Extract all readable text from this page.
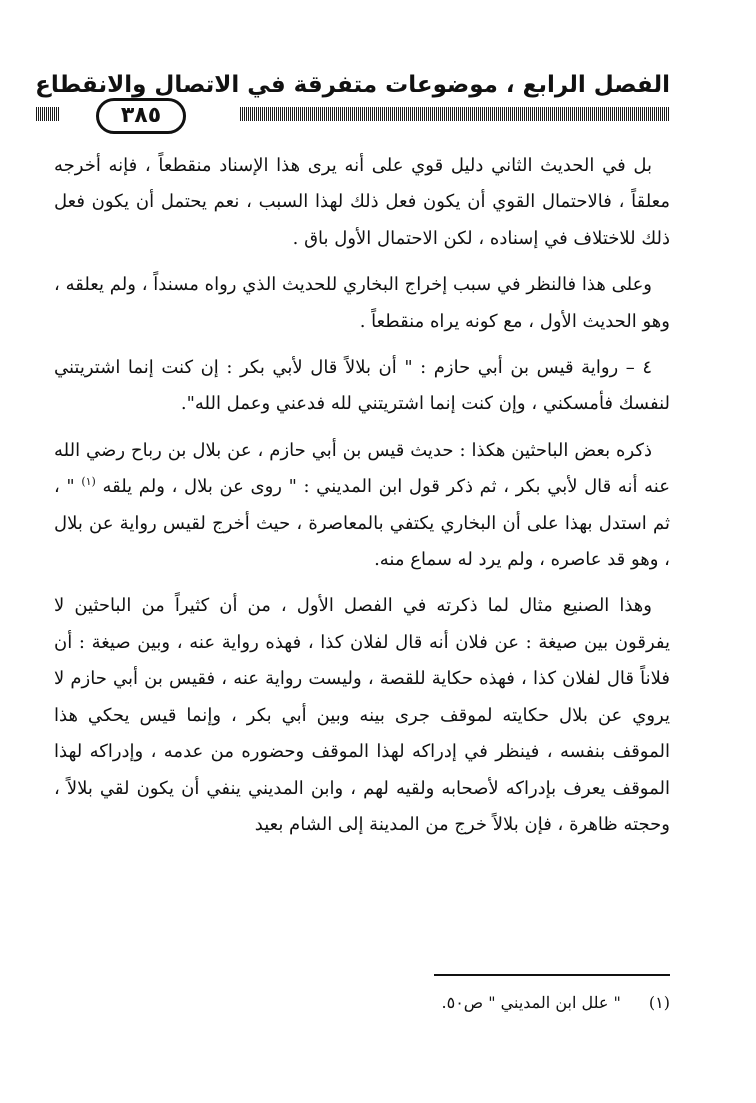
الفصل الرابع ، موضوعات متفرقة في الاتصال والانقطاع
٣٨٥

بل في الحديث الثاني دليل قوي على أنه يرى هذا الإسناد منقطعاً ، فإنه أخرجه معلقاً ، فالاحتمال القوي أن يكون فعل ذلك لهذا السبب ، نعم يحتمل أن يكون فعل ذلك للاختلاف في إسناده ، لكن الاحتمال الأول باق .

وعلى هذا فالنظر في سبب إخراج البخاري للحديث الذي رواه مسنداً ، ولم يعلقه ، وهو الحديث الأول ، مع كونه يراه منقطعاً .

٤ – رواية قيس بن أبي حازم : " أن بلالاً قال لأبي بكر : إن كنت إنما اشتريتني لنفسك فأمسكني ، وإن كنت إنما اشتريتني لله فدعني وعمل الله".

ذكره بعض الباحثين هكذا : حديث قيس بن أبي حازم ، عن بلال بن رباح رضي الله عنه أنه قال لأبي بكر ، ثم ذكر قول ابن المديني : " روى عن بلال ، ولم يلقه $^{(١)}$ " ، ثم استدل بهذا على أن البخاري يكتفي بالمعاصرة ، حيث أخرج لقيس رواية عن بلال ، وهو قد عاصره ، ولم يرد له سماع منه.

وهذا الصنيع مثال لما ذكرته في الفصل الأول ، من أن كثيراً من الباحثين لا يفرقون بين صيغة : عن فلان أنه قال لفلان كذا ، فهذه رواية عنه ، وبين صيغة : أن فلاناً قال لفلان كذا ، فهذه حكاية للقصة ، وليست رواية عنه ، فقيس بن أبي حازم لا يروي عن بلال حكايته لموقف جرى بينه وبين أبي بكر ، وإنما قيس يحكي هذا الموقف بنفسه ، فينظر في إدراكه لهذا الموقف وحضوره من عدمه ، وإدراكه لهذا الموقف يعرف بإدراكه لأصحابه ولقيه لهم ، وابن المديني ينفي أن يكون لقي بلالاً ، وحجته ظاهرة ، فإن بلالاً خرج من المدينة إلى الشام بعيد

(١)" علل ابن المديني " ص٥٠.
